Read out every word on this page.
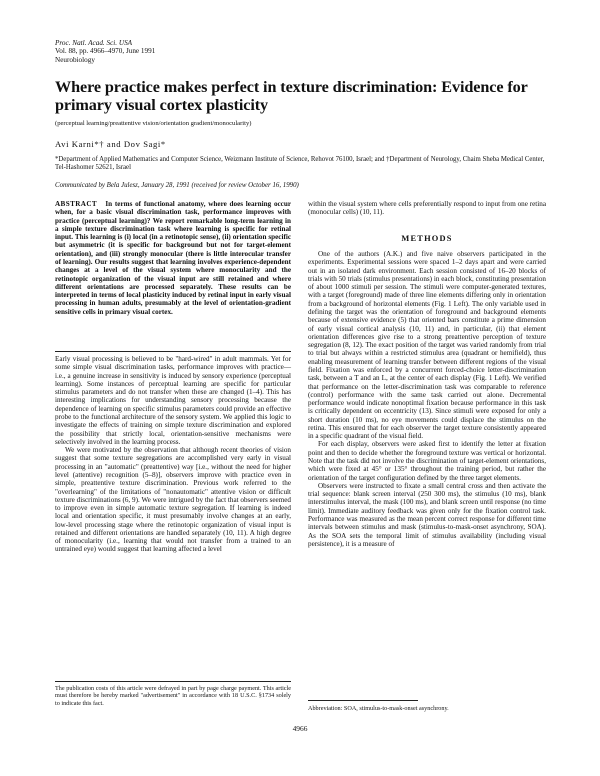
Proc. Natl. Acad. Sci. USA
Vol. 88, pp. 4966–4970, June 1991
Neurobiology
Where practice makes perfect in texture discrimination: Evidence for primary visual cortex plasticity
(perceptual learning/preattentive vision/orientation gradient/monocularity)
Avi Karni*† and Dov Sagi*
*Department of Applied Mathematics and Computer Science, Weizmann Institute of Science, Rehovot 76100, Israel; and †Department of Neurology, Chaim Sheba Medical Center, Tel-Hashomer 52621, Israel
Communicated by Bela Julesz, January 28, 1991 (received for review October 16, 1990)

ABSTRACT In terms of functional anatomy, where does learning occur when, for a basic visual discrimination task, performance improves with practice (perceptual learning)? We report remarkable long-term learning in a simple texture discrimination task where learning is specific for retinal input. This learning is (i) local (in a retinotopic sense), (ii) orientation specific but asymmetric (it is specific for background but not for target-element orientation), and (iii) strongly monocular (there is little interocular transfer of learning). Our results suggest that learning involves experience-dependent changes at a level of the visual system where monocularity and the retinotopic organization of the visual input are still retained and where different orientations are processed separately. These results can be interpreted in terms of local plasticity induced by retinal input in early visual processing in human adults, presumably at the level of orientation-gradient sensitive cells in primary visual cortex.

Early visual processing is believed to be "hard-wired" in adult mammals. Yet for some simple visual discrimination tasks, performance improves with practice—i.e., a genuine increase in sensitivity is induced by sensory experience (perceptual learning). Some instances of perceptual learning are specific for particular stimulus parameters and do not transfer when these are changed (1–4). This has interesting implications for understanding sensory processing because the dependence of learning on specific stimulus parameters could provide an effective probe to the functional architecture of the sensory system. We applied this logic to investigate the effects of training on simple texture discrimination and explored the possibility that strictly local, orientation-sensitive mechanisms were selectively involved in the learning process.

We were motivated by the observation that although recent theories of vision suggest that some texture segregations are accomplished very early in visual processing in an "automatic" (preattentive) way [i.e., without the need for higher level (attentive) recognition (5–8)], observers improve with practice even in simple, preattentive texture discrimination. Previous work referred to the "overlearning" of the limitations of "nonautomatic" attentive vision or difficult texture discriminations (6, 9). We were intrigued by the fact that observers seemed to improve even in simple automatic texture segregation. If learning is indeed local and orientation specific, it must presumably involve changes at an early, low-level processing stage where the retinotopic organization of visual input is retained and different orientations are handled separately (10, 11). A high degree of monocularity (i.e., learning that would not transfer from a trained to an untrained eye) would suggest that learning affected a level

within the visual system where cells preferentially respond to input from one retina (monocular cells) (10, 11).

METHODS

One of the authors (A.K.) and five naive observers participated in the experiments. Experimental sessions were spaced 1–2 days apart and were carried out in an isolated dark environment. Each session consisted of 16–20 blocks of trials with 50 trials (stimulus presentations) in each block, constituting presentation of about 1000 stimuli per session. The stimuli were computer-generated textures, with a target (foreground) made of three line elements differing only in orientation from a background of horizontal elements (Fig. 1 Left). The only variable used in defining the target was the orientation of foreground and background elements because of extensive evidence (5) that oriented bars constitute a prime dimension of early visual cortical analysis (10, 11) and, in particular, (ii) that element orientation differences give rise to a strong preattentive perception of texture segregation (8, 12). The exact position of the target was varied randomly from trial to trial but always within a restricted stimulus area (quadrant or hemifield), thus enabling measurement of learning transfer between different regions of the visual field. Fixation was enforced by a concurrent forced-choice letter-discrimination task, between a T and an L, at the center of each display (Fig. 1 Left). We verified that performance on the letter-discrimination task was comparable to reference (control) performance with the same task carried out alone. Decremental performance would indicate nonoptimal fixation because performance in this task is critically dependent on eccentricity (13). Since stimuli were exposed for only a short duration (10 ms), no eye movements could displace the stimulus on the retina. This ensured that for each observer the target texture consistently appeared in a specific quadrant of the visual field.

For each display, observers were asked first to identify the letter at fixation point and then to decide whether the foreground texture was vertical or horizontal. Note that the task did not involve the discrimination of target-element orientations, which were fixed at 45° or 135° throughout the training period, but rather the orientation of the target configuration defined by the three target elements.

Observers were instructed to fixate a small central cross and then activate the trial sequence: blank screen interval (250 300 ms), the stimulus (10 ms), blank interstimulus interval, the mask (100 ms), and blank screen until response (no time limit). Immediate auditory feedback was given only for the fixation control task. Performance was measured as the mean percent correct response for different time intervals between stimulus and mask (stimulus-to-mask-onset asynchrony, SOA). As the SOA sets the temporal limit of stimulus availability (including visual persistence), it is a measure of

The publication costs of this article were defrayed in part by page charge payment. This article must therefore be hereby marked "advertisement" in accordance with 18 U.S.C. §1734 solely to indicate this fact.
Abbreviation: SOA, stimulus-to-mask-onset asynchrony.
4966
